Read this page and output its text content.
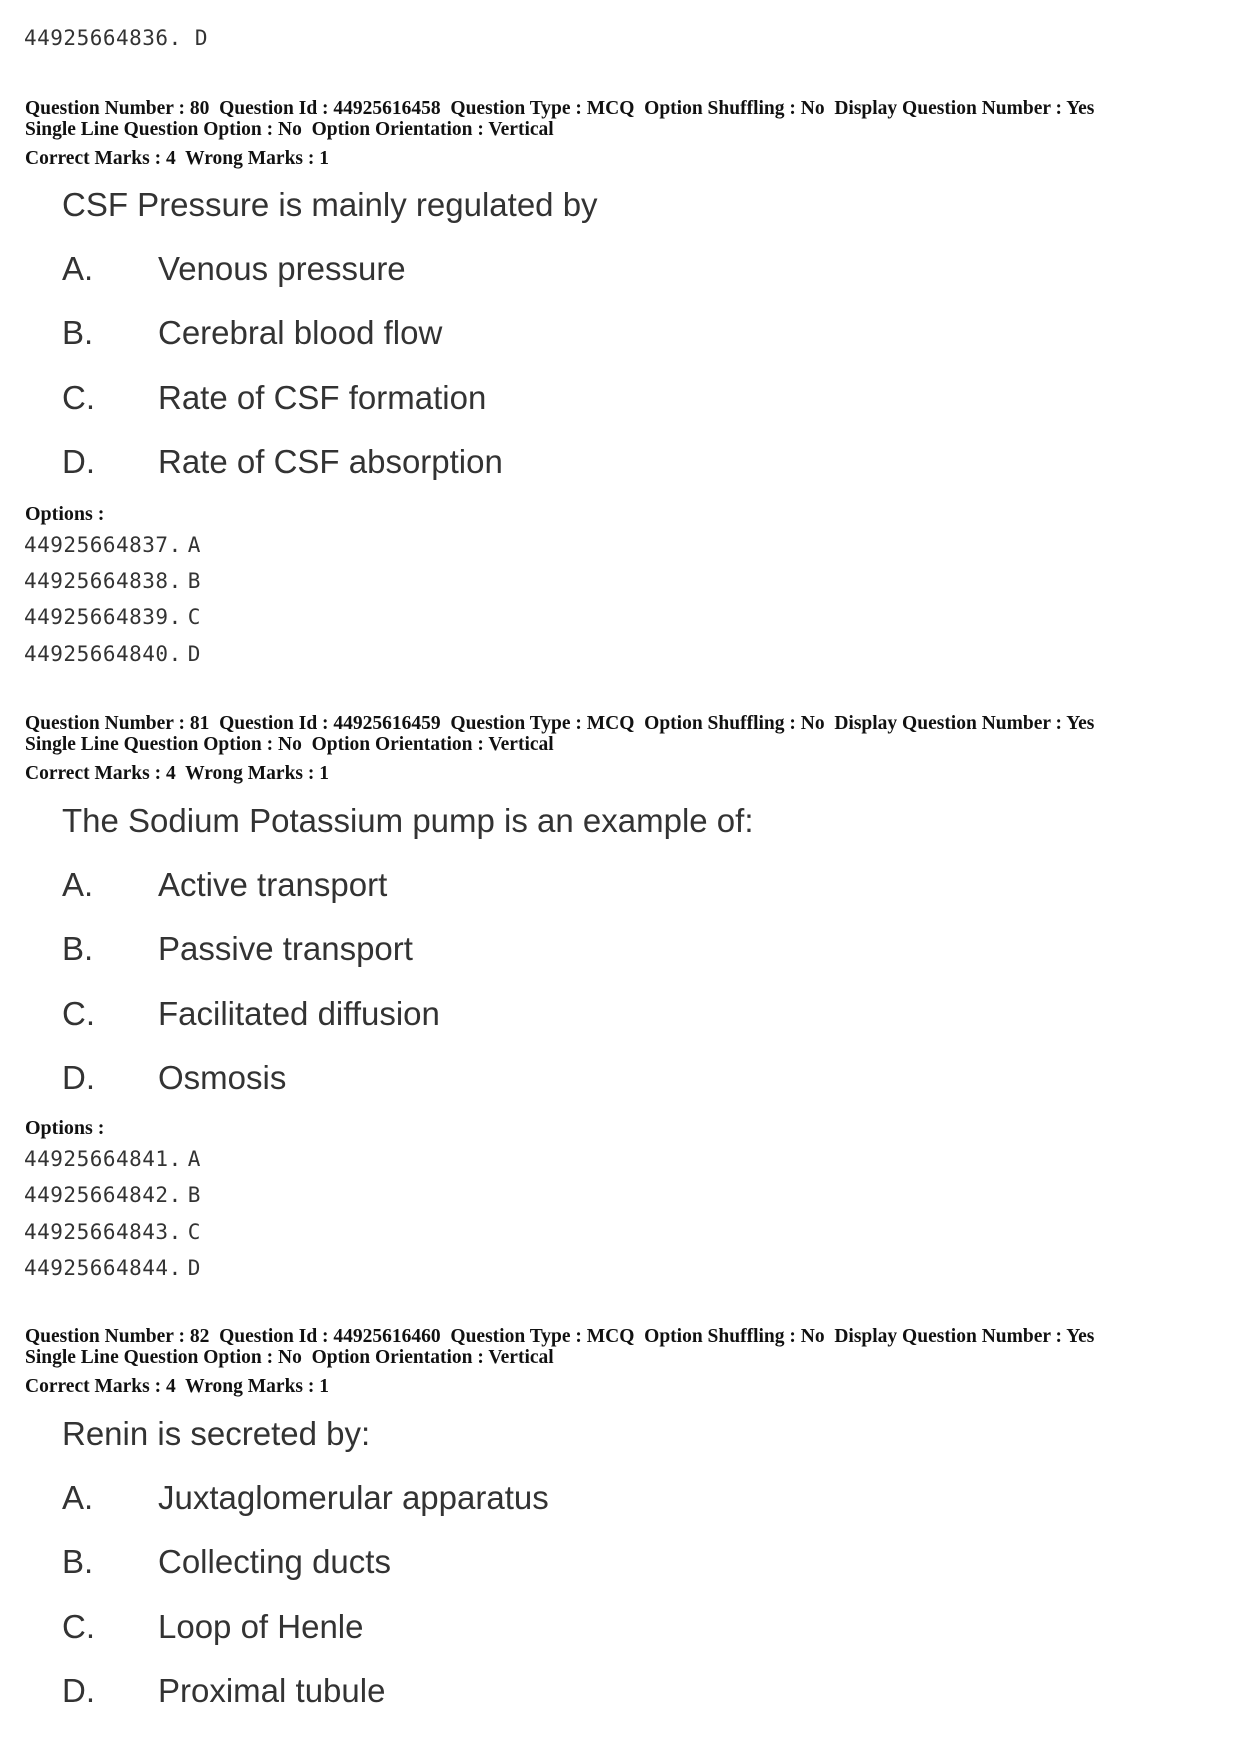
44925664836. D
Question Number : 80  Question Id : 44925616458  Question Type : MCQ  Option Shuffling : No  Display Question Number : Yes
Single Line Question Option : No  Option Orientation : Vertical
Correct Marks : 4  Wrong Marks : 1
CSF Pressure is mainly regulated by
A. Venous pressure
B. Cerebral blood flow
C. Rate of CSF formation
D. Rate of CSF absorption
Options :
44925664837. A
44925664838. B
44925664839. C
44925664840. D
Question Number : 81  Question Id : 44925616459  Question Type : MCQ  Option Shuffling : No  Display Question Number : Yes
Single Line Question Option : No  Option Orientation : Vertical
Correct Marks : 4  Wrong Marks : 1
The Sodium Potassium pump is an example of:
A. Active transport
B. Passive transport
C. Facilitated diffusion
D. Osmosis
Options :
44925664841. A
44925664842. B
44925664843. C
44925664844. D
Question Number : 82  Question Id : 44925616460  Question Type : MCQ  Option Shuffling : No  Display Question Number : Yes
Single Line Question Option : No  Option Orientation : Vertical
Correct Marks : 4  Wrong Marks : 1
Renin is secreted by:
A. Juxtaglomerular apparatus
B. Collecting ducts
C. Loop of Henle
D. Proximal tubule
